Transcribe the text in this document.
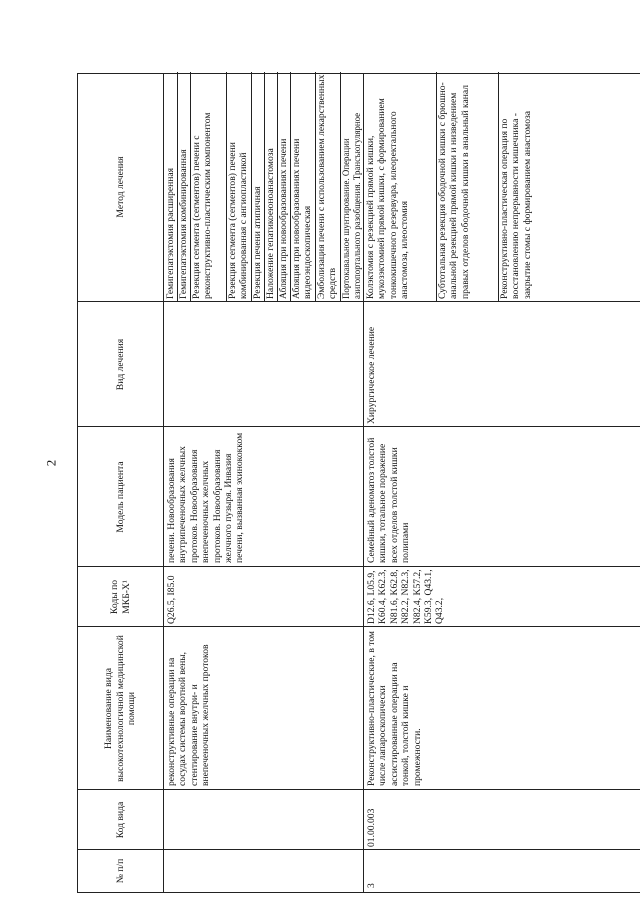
2
№ п/п
Код вида
Наименование вида высокотехнологичной медицинской помощи
Коды по МКБ-Х¹
Модель пациента
Вид лечения
Метод лечения
реконструктивные операции на сосудах системы воротной вены, стентирование внутри- и внепеченочных желчных протоков
Q26.5, I85.0
печени. Новообразования внутрипеченочных желчных протоков. Новообразования внепеченочных желчных протоков. Новообразования желчного пузыря. Инвазия печени, вызванная эхинококком
Гемигепатэктомия расширенная Гемигепатэктомия комбинированная Резекция сегмента (сегментов) печени с реконструктивно-пластическим компонентом Резекция сегмента (сегментов) печени комбинированная с ангиопластикой Резекция печени атипичная Наложение гепатикоеюноанастомоза Абляция при новообразованиях печени Абляция при новообразованиях печени видеоэндоскопическая Эмболизация печени с использованием лекарственных средств Портокавальное шунтирование. Операции азигопортального разобщения. Трансъюгулярное
3
01.00.003
Реконструктивно-пластические, в том числе лапароскопически ассистированные операции на тонкой, толстой кишке и промежности.
D12.6, L05.9, K60.4, K62.3, N81.6, K62.8, N82.2, N82.3, N82.4, K57.2, K59.3, Q43.1, Q43.2,
Семейный аденоматоз толстой кишки, тотальное поражение всех отделов толстой кишки полипами
Хирургическое лечение
Колэктомия с резекцией прямой кишки, мукозэктомией прямой кишки, с формированием тонкокишечного резервуара, илеоректального анастомоза, илеостомия	Субтотальная резекция ободочной кишки с брюшно-анальной резекцией прямой кишки и низведением правых отделов ободочной кишки в анальный канал	Реконструктивно-пластическая операция по восстановлению непрерывности кишечника - закрытие стомы с формированием анастомоза
